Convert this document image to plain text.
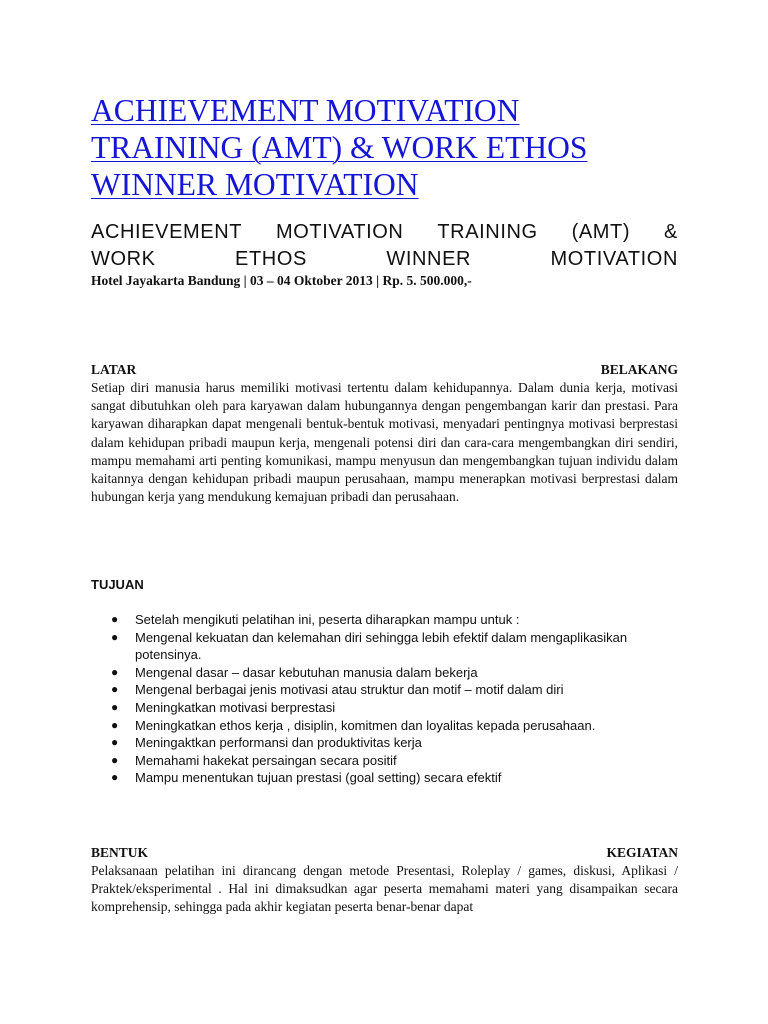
ACHIEVEMENT MOTIVATION
TRAINING (AMT) & WORK ETHOS
WINNER MOTIVATION
ACHIEVEMENT MOTIVATION TRAINING (AMT) &
WORK	ETHOS	WINNER	MOTIVATION
Hotel Jayakarta Bandung | 03 – 04 Oktober 2013 | Rp. 5. 500.000,-
LATAR	BELAKANG
Setiap diri manusia harus memiliki motivasi tertentu dalam kehidupannya. Dalam dunia kerja, motivasi sangat dibutuhkan oleh para karyawan dalam hubungannya dengan pengembangan karir dan prestasi. Para karyawan diharapkan dapat mengenali bentuk-bentuk motivasi, menyadari pentingnya motivasi berprestasi dalam kehidupan pribadi maupun kerja, mengenali potensi diri dan cara-cara mengembangkan diri sendiri, mampu memahami arti penting komunikasi, mampu menyusun dan mengembangkan tujuan individu dalam kaitannya dengan kehidupan pribadi maupun perusahaan, mampu menerapkan motivasi berprestasi dalam hubungan kerja yang mendukung kemajuan pribadi dan perusahaan.
TUJUAN
● Setelah mengikuti pelatihan ini, peserta diharapkan mampu untuk :
● Mengenal kekuatan dan kelemahan diri sehingga lebih efektif dalam mengaplikasikan potensinya.
● Mengenal dasar – dasar kebutuhan manusia dalam bekerja
● Mengenal berbagai jenis motivasi atau struktur dan motif – motif dalam diri
● Meningkatkan motivasi berprestasi
● Meningkatkan ethos kerja , disiplin, komitmen dan loyalitas kepada perusahaan.
● Meningaktkan performansi dan produktivitas kerja
● Memahami hakekat persaingan secara positif
● Mampu menentukan tujuan prestasi (goal setting) secara efektif
BENTUK	KEGIATAN
Pelaksanaan pelatihan ini dirancang dengan metode Presentasi, Roleplay / games, diskusi, Aplikasi / Praktek/eksperimental . Hal ini dimaksudkan agar peserta memahami materi yang disampaikan secara komprehensip, sehingga pada akhir kegiatan peserta benar-benar dapat
